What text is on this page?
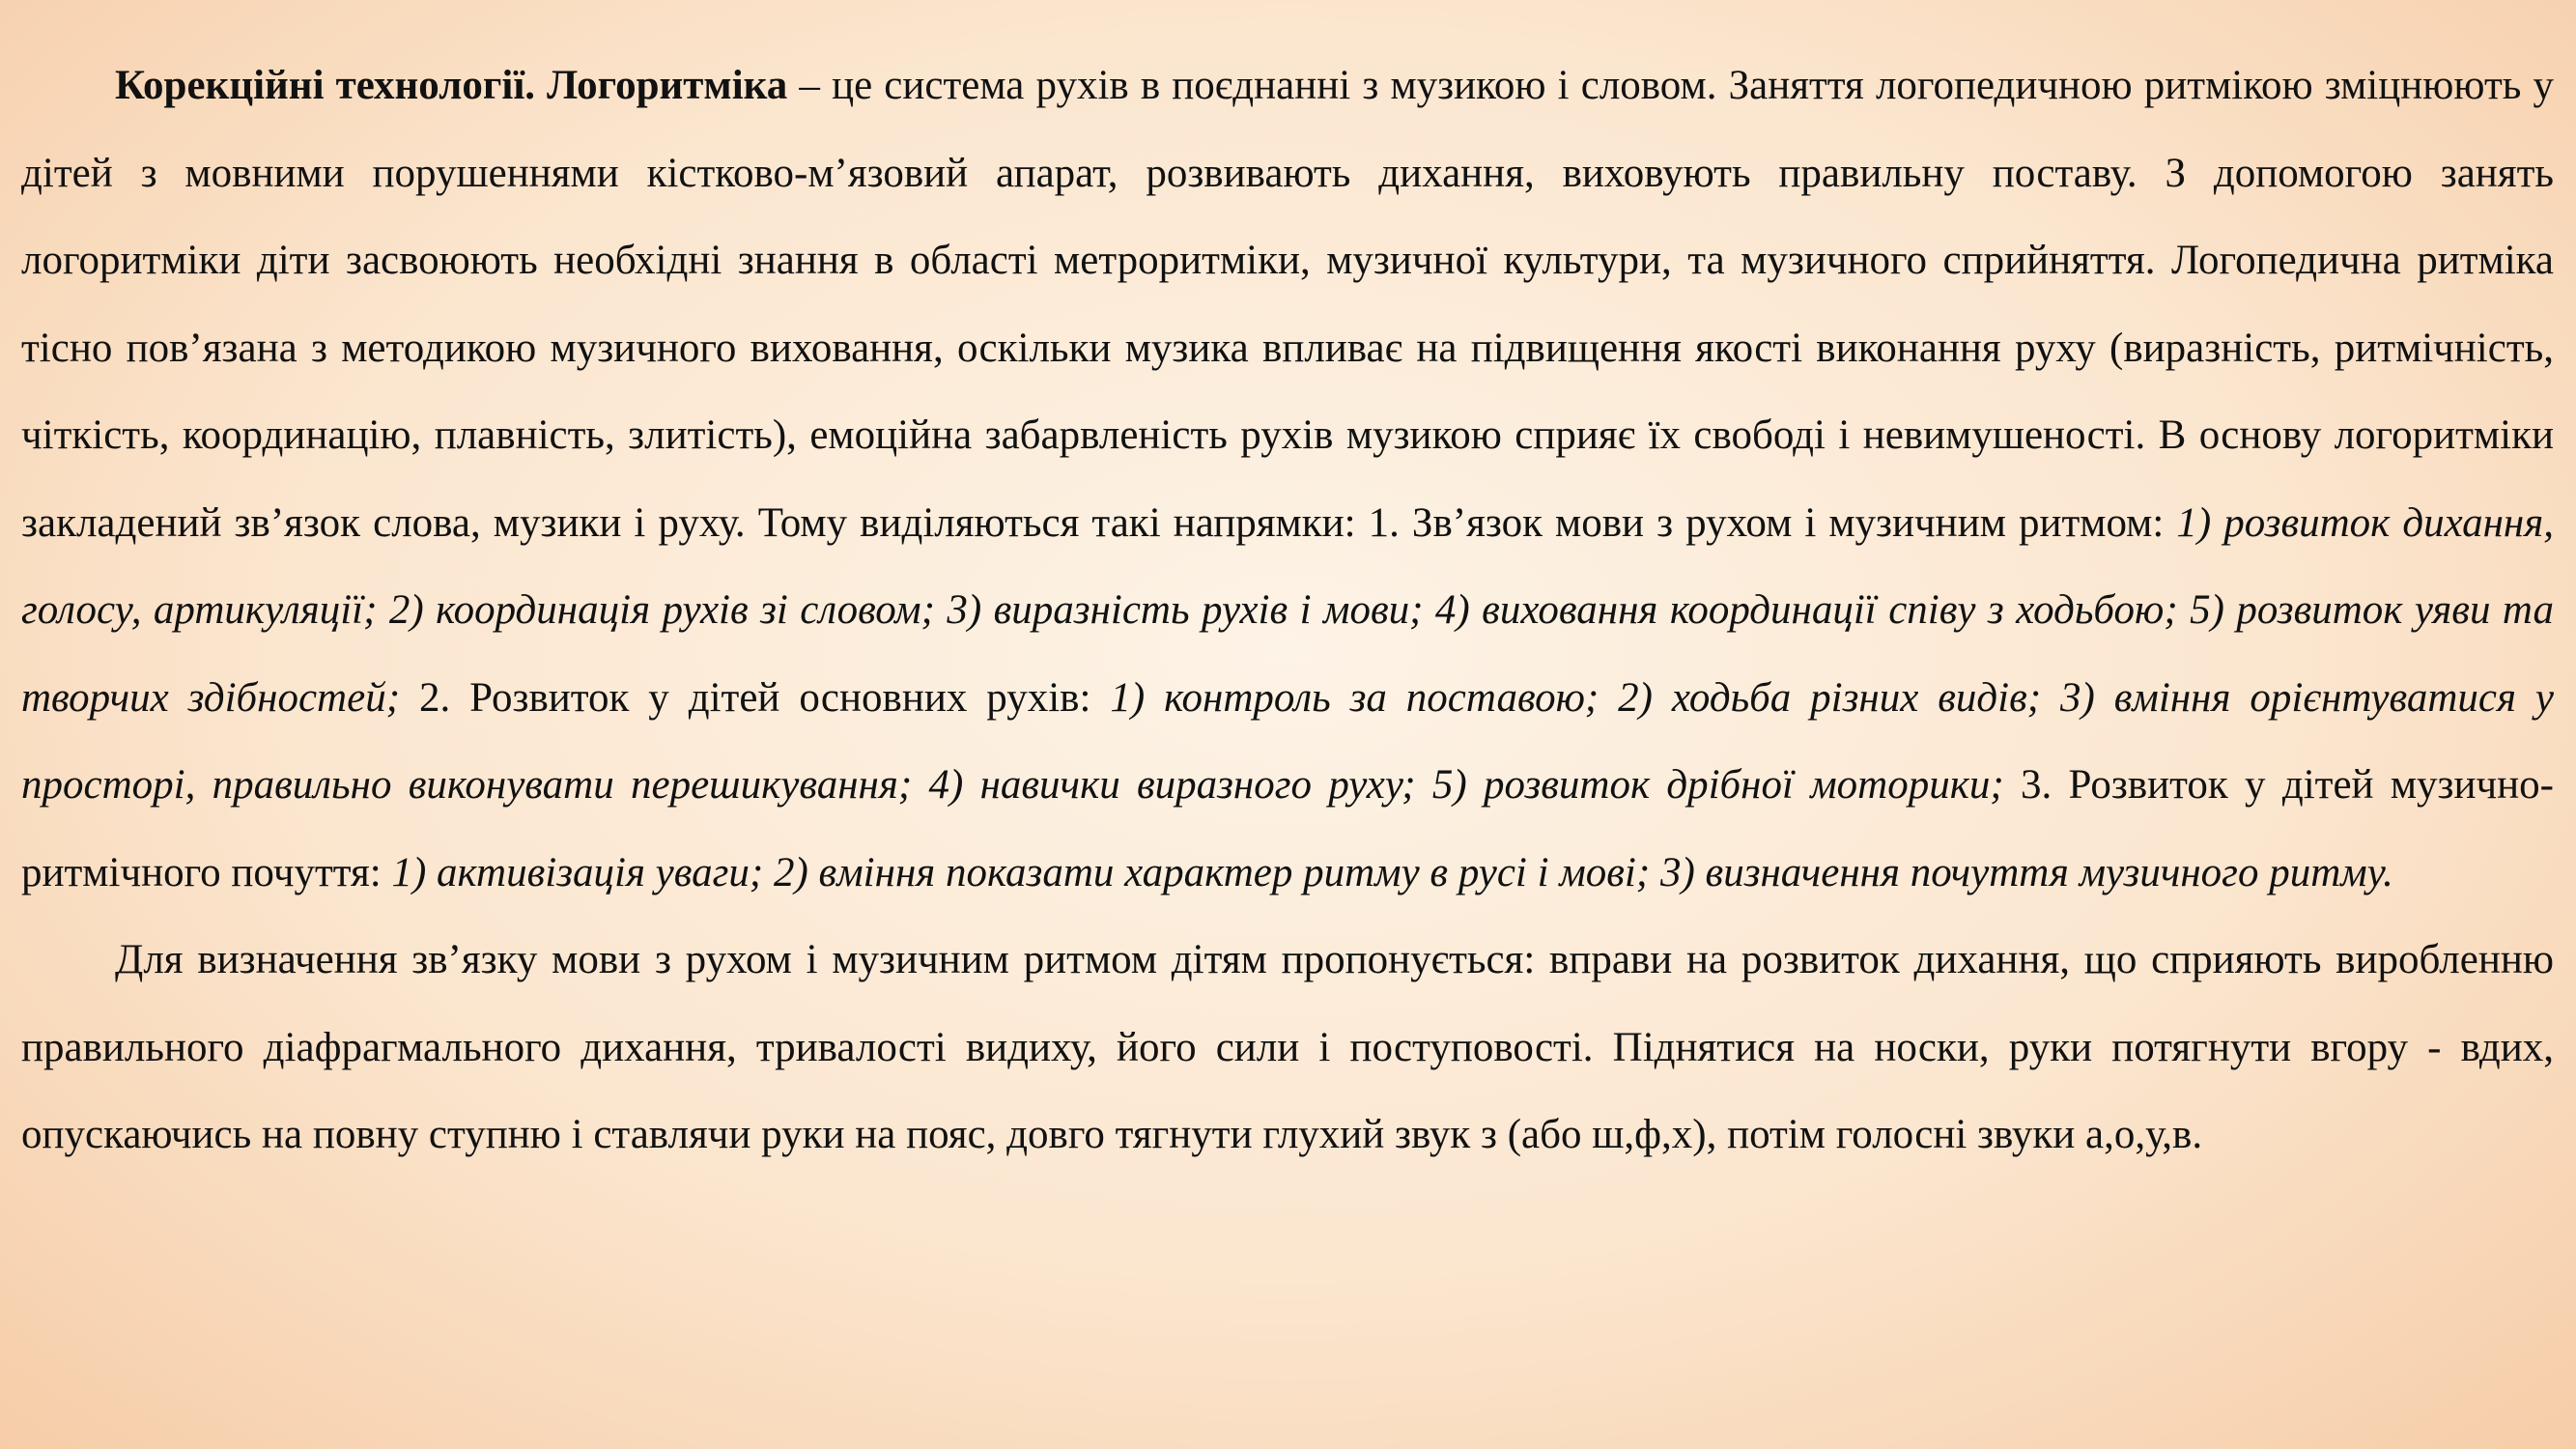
Корекційні технології. Логоритміка – це система рухів в поєднанні з музикою і словом. Заняття логопедичною ритмікою зміцнюють у дітей з мовними порушеннями кістково-м’язовий апарат, розвивають дихання, виховують правильну поставу. З допомогою занять логоритміки діти засвоюють необхідні знання в області метроритміки, музичної культури, та музичного сприйняття. Логопедична ритміка тісно пов’язана з методикою музичного виховання, оскільки музика впливає на підвищення якості виконання руху (виразність, ритмічність, чіткість, координацію, плавність, злитість), емоційна забарвленість рухів музикою сприяє їх свободі і невимушеності. В основу логоритміки закладений зв’язок слова, музики і руху. Тому виділяються такі напрямки: 1. Зв’язок мови з рухом і музичним ритмом: 1) розвиток дихання, голосу, артикуляції; 2) координація рухів зі словом; 3) виразність рухів і мови; 4) виховання координації співу з ходьбою; 5) розвиток уяви та творчих здібностей; 2. Розвиток у дітей основних рухів: 1) контроль за поставою; 2) ходьба різних видів; 3) вміння орієнтуватися у просторі, правильно виконувати перешикування; 4) навички виразного руху; 5) розвиток дрібної моторики; 3. Розвиток у дітей музично-ритмічного почуття: 1) активізація уваги; 2) вміння показати характер ритму в русі і мові; 3) визначення почуття музичного ритму.

Для визначення зв’язку мови з рухом і музичним ритмом дітям пропонується: вправи на розвиток дихання, що сприяють виробленню правильного діафрагмального дихання, тривалості видиху, його сили і поступовості. Піднятися на носки, руки потягнути вгору - вдих, опускаючись на повну ступню і ставлячи руки на пояс, довго тягнути глухий звук з (або ш,ф,х), потім голосні звуки а,о,у,в.
